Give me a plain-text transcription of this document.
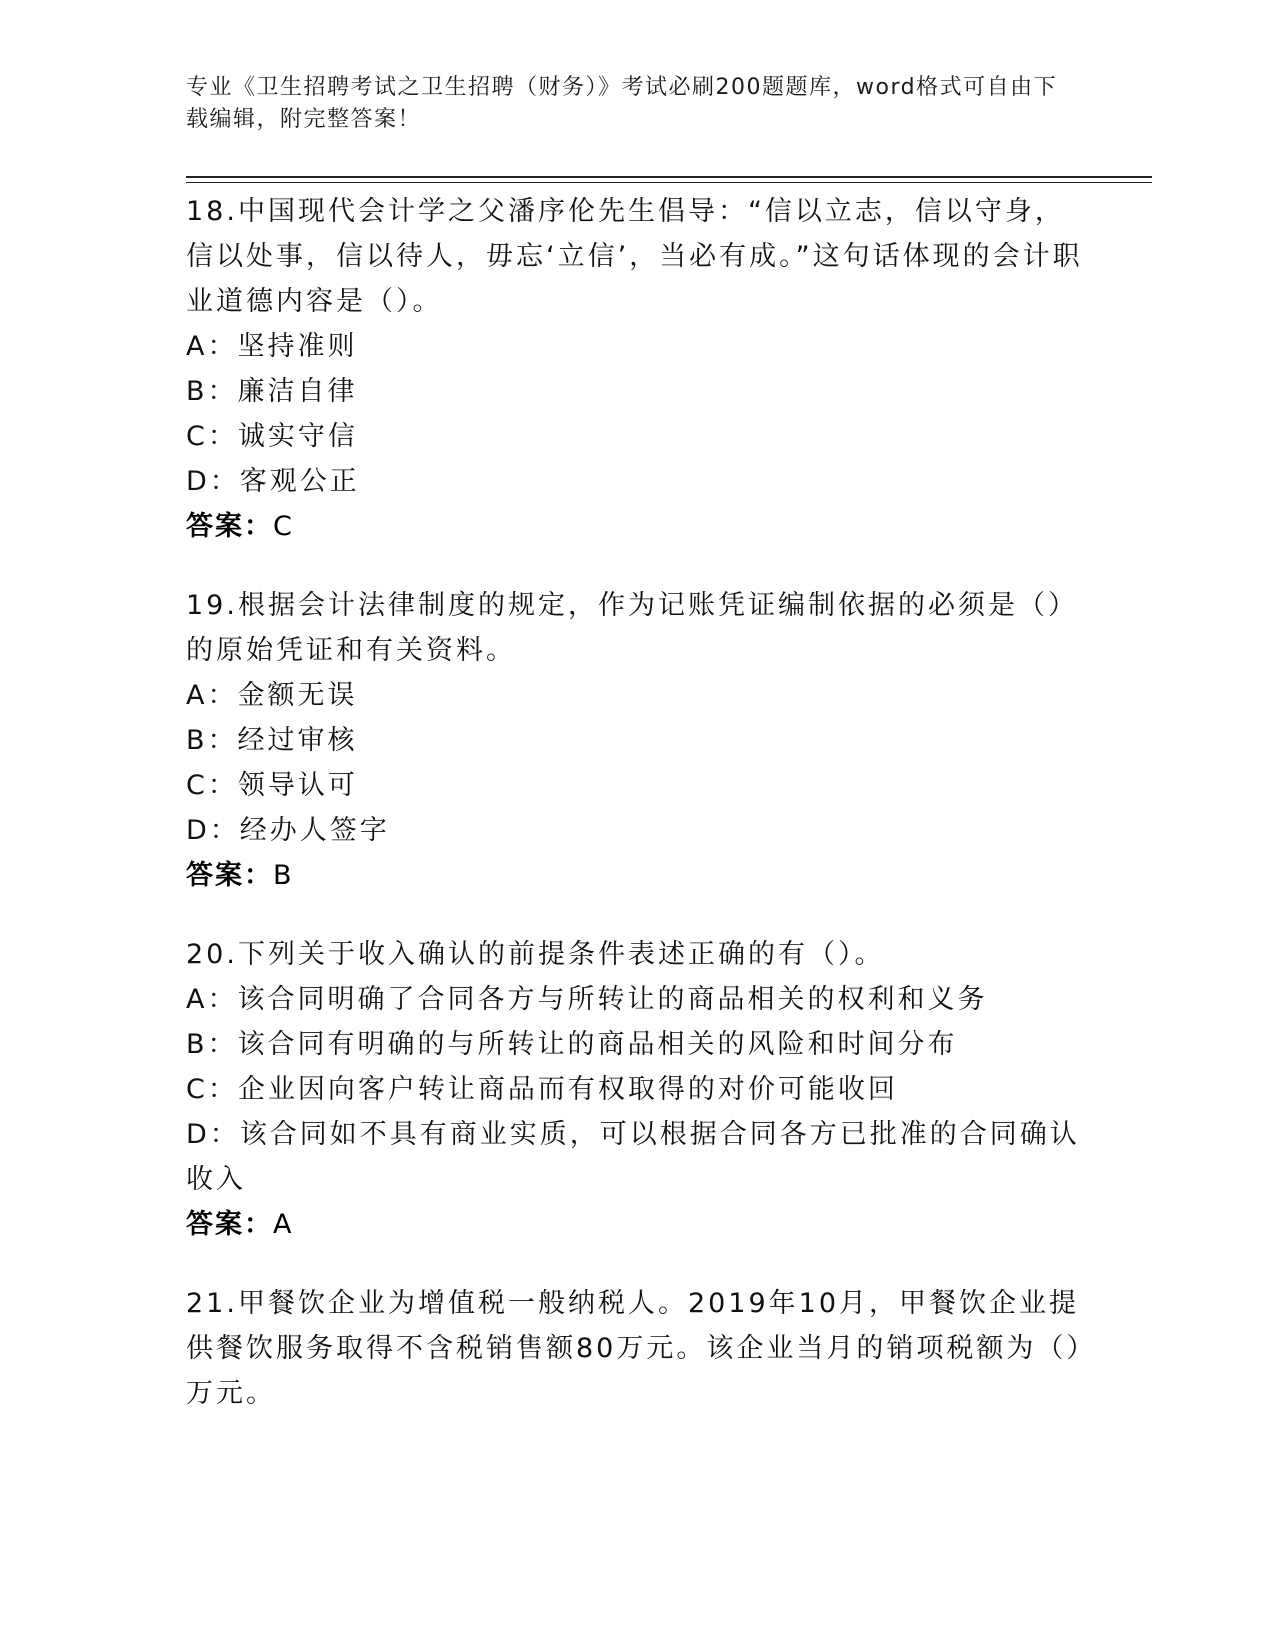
专业《卫生招聘考试之卫生招聘（财务）》考试必刷200题题库，word格式可自由下载编辑，附完整答案！

18.中国现代会计学之父潘序伦先生倡导：“信以立志，信以守身，信以处事，信以待人，毋忘‘立信’，当必有成。”这句话体现的会计职业道德内容是（）。

A：坚持准则

B：廉洁自律

C：诚实守信

D：客观公正

答案：C

19.根据会计法律制度的规定，作为记账凭证编制依据的必须是（）的原始凭证和有关资料。

A：金额无误

B：经过审核

C：领导认可

D：经办人签字

答案：B

20.下列关于收入确认的前提条件表述正确的有（）。

A：该合同明确了合同各方与所转让的商品相关的权利和义务

B：该合同有明确的与所转让的商品相关的风险和时间分布

C：企业因向客户转让商品而有权取得的对价可能收回

D：该合同如不具有商业实质，可以根据合同各方已批准的合同确认收入

答案：A

21.甲餐饮企业为增值税一般纳税人。2019年10月，甲餐饮企业提供餐饮服务取得不含税销售额80万元。该企业当月的销项税额为（）万元。
